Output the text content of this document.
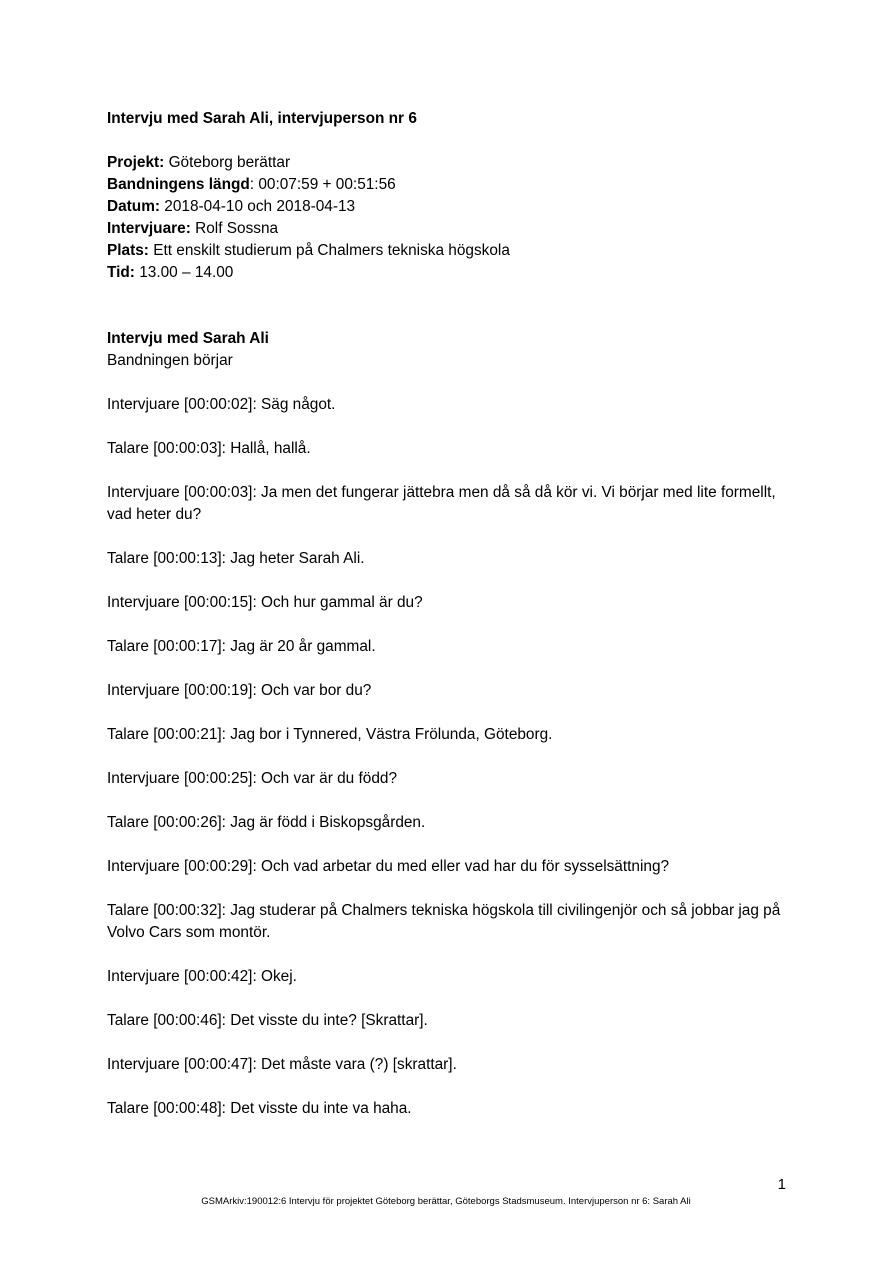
Intervju med Sarah Ali, intervjuperson nr 6

Projekt: Göteborg berättar

Bandningens längd: 00:07:59 + 00:51:56

Datum: 2018-04-10 och 2018-04-13

Intervjuare: Rolf Sossna

Plats: Ett enskilt studierum på Chalmers tekniska högskola

Tid: 13.00 – 14.00

Intervju med Sarah Ali

Bandningen börjar

Intervjuare [00:00:02]: Säg något.

Talare [00:00:03]: Hallå, hallå.

Intervjuare [00:00:03]: Ja men det fungerar jättebra men då så då kör vi. Vi börjar med lite formellt, vad heter du?

Talare [00:00:13]: Jag heter Sarah Ali.

Intervjuare [00:00:15]: Och hur gammal är du?

Talare [00:00:17]: Jag är 20 år gammal.

Intervjuare [00:00:19]: Och var bor du?

Talare [00:00:21]: Jag bor i Tynnered, Västra Frölunda, Göteborg.

Intervjuare [00:00:25]: Och var är du född?

Talare [00:00:26]: Jag är född i Biskopsgården.

Intervjuare [00:00:29]: Och vad arbetar du med eller vad har du för sysselsättning?

Talare [00:00:32]: Jag studerar på Chalmers tekniska högskola till civilingenjör och så jobbar jag på Volvo Cars som montör.

Intervjuare [00:00:42]: Okej.

Talare [00:00:46]: Det visste du inte? [Skrattar].

Intervjuare [00:00:47]: Det måste vara (?) [skrattar].

Talare [00:00:48]: Det visste du inte va haha.

1
GSMArkiv:190012:6 Intervju för projektet Göteborg berättar, Göteborgs Stadsmuseum. Intervjuperson nr 6: Sarah Ali
